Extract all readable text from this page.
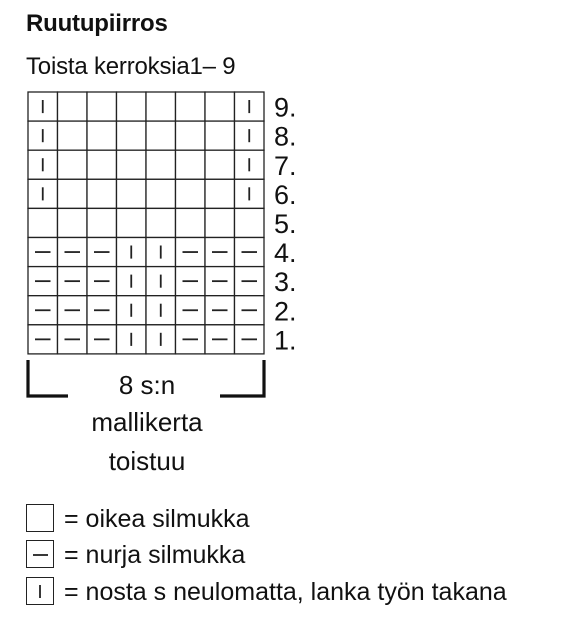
Ruutupiirros
Toista kerroksia1– 9
9.
8.
7.
6.
5.
4.
3.
2.
1.
8 s:n
mallikerta
toistuu
= oikea silmukka
= nurja silmukka
= nosta s neulomatta, lanka työn takana
